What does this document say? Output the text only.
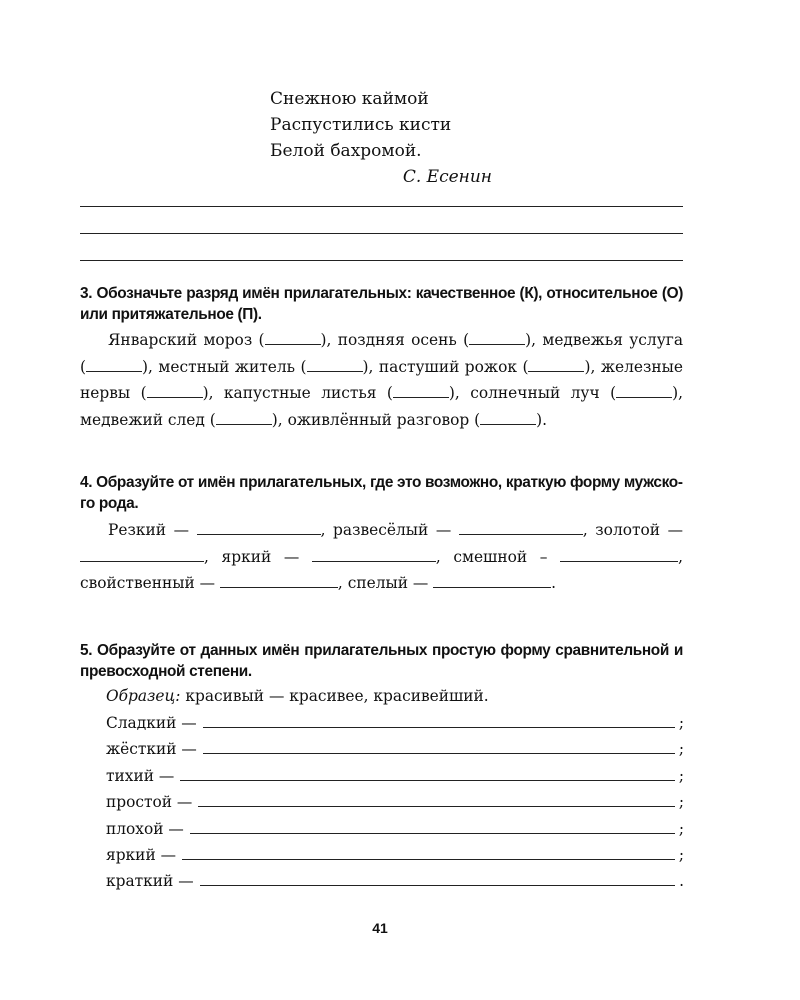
Снежною каймой
Распустились кисти
Белой бахромой.
С. Есенин
3. Обозначьте разряд имён прилагательных: качественное (К), относительное (О) или притяжательное (П).
Январский мороз (	), поздняя осень (	), медвежья услуга (	), местный житель (	), пастуший рожок (	), железные нервы (	), капустные листья (	), солнечный луч (	), медвежий след (	), оживлённый разговор (	).
4. Образуйте от имён прилагательных, где это возможно, краткую форму мужского рода.
Резкий —	, развесёлый —	, золотой — , яркий —	, смешной –	, свойственный —	, спелый —	.
5. Образуйте от данных имён прилагательных простую форму сравнительной и превосходной степени.
Образец: красивый — красивее, красивейший.
Сладкий —	;
жёсткий —	;
тихий —	;
простой —	;
плохой —	;
яркий —	;
краткий —	.
41
